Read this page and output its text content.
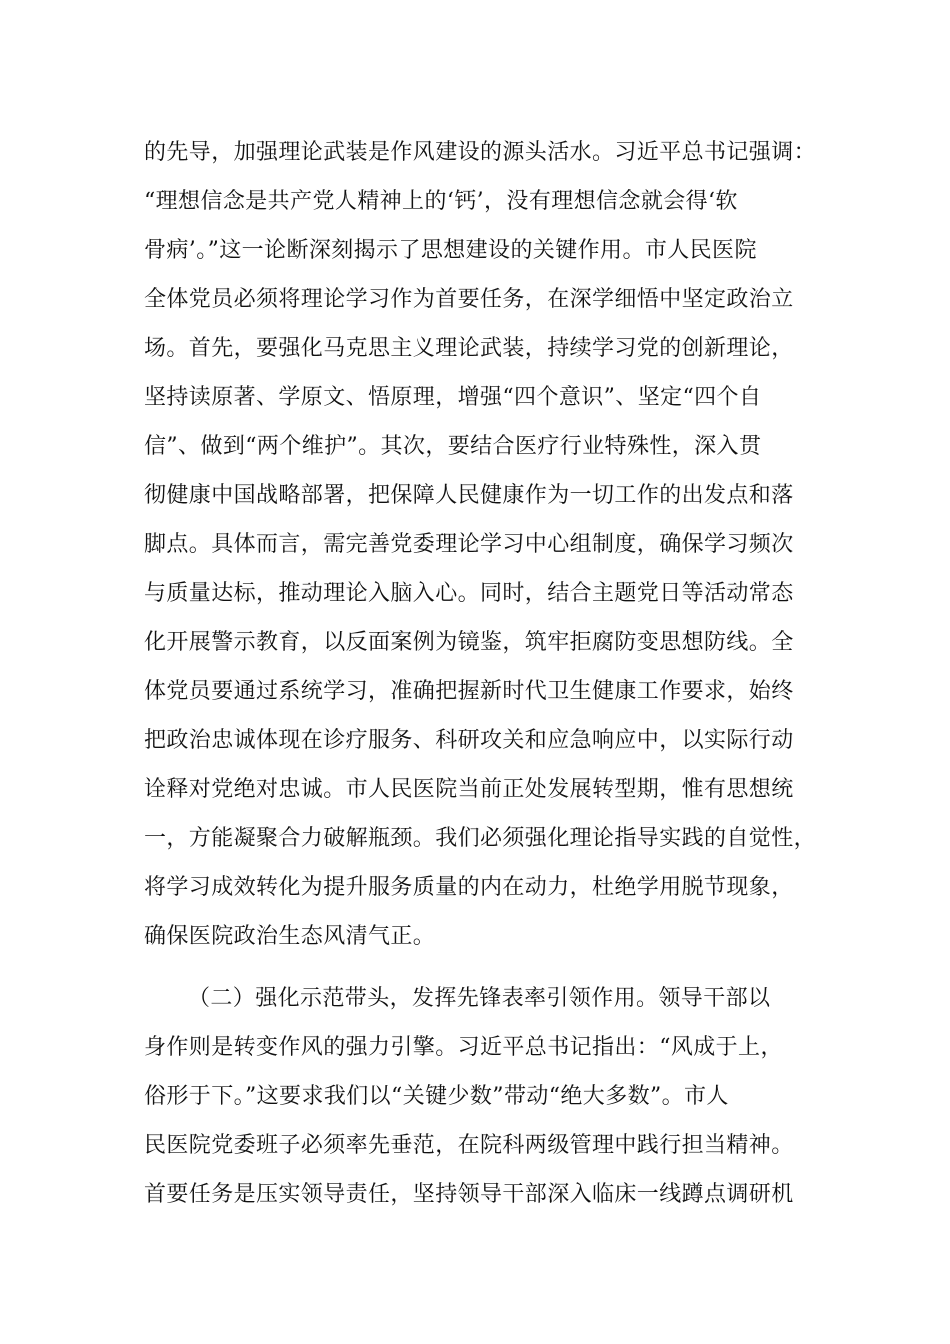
的先导，加强理论武装是作风建设的源头活水。习近平总书记强调：
“理想信念是共产党人精神上的‘钙’，没有理想信念就会得‘软
骨病’。”这一论断深刻揭示了思想建设的关键作用。市人民医院
全体党员必须将理论学习作为首要任务，在深学细悟中坚定政治立
场。首先，要强化马克思主义理论武装，持续学习党的创新理论，
坚持读原著、学原文、悟原理，增强“四个意识”、坚定“四个自
信”、做到“两个维护”。其次，要结合医疗行业特殊性，深入贯
彻健康中国战略部署，把保障人民健康作为一切工作的出发点和落
脚点。具体而言，需完善党委理论学习中心组制度，确保学习频次
与质量达标，推动理论入脑入心。同时，结合主题党日等活动常态
化开展警示教育，以反面案例为镜鉴，筑牢拒腐防变思想防线。全
体党员要通过系统学习，准确把握新时代卫生健康工作要求，始终
把政治忠诚体现在诊疗服务、科研攻关和应急响应中，以实际行动
诠释对党绝对忠诚。市人民医院当前正处发展转型期，惟有思想统
一，方能凝聚合力破解瓶颈。我们必须强化理论指导实践的自觉性，
将学习成效转化为提升服务质量的内在动力，杜绝学用脱节现象，
确保医院政治生态风清气正。
（二）强化示范带头，发挥先锋表率引领作用。领导干部以
身作则是转变作风的强力引擎。习近平总书记指出：“风成于上，
俗形于下。”这要求我们以“关键少数”带动“绝大多数”。市人
民医院党委班子必须率先垂范，在院科两级管理中践行担当精神。
首要任务是压实领导责任，坚持领导干部深入临床一线蹲点调研机
